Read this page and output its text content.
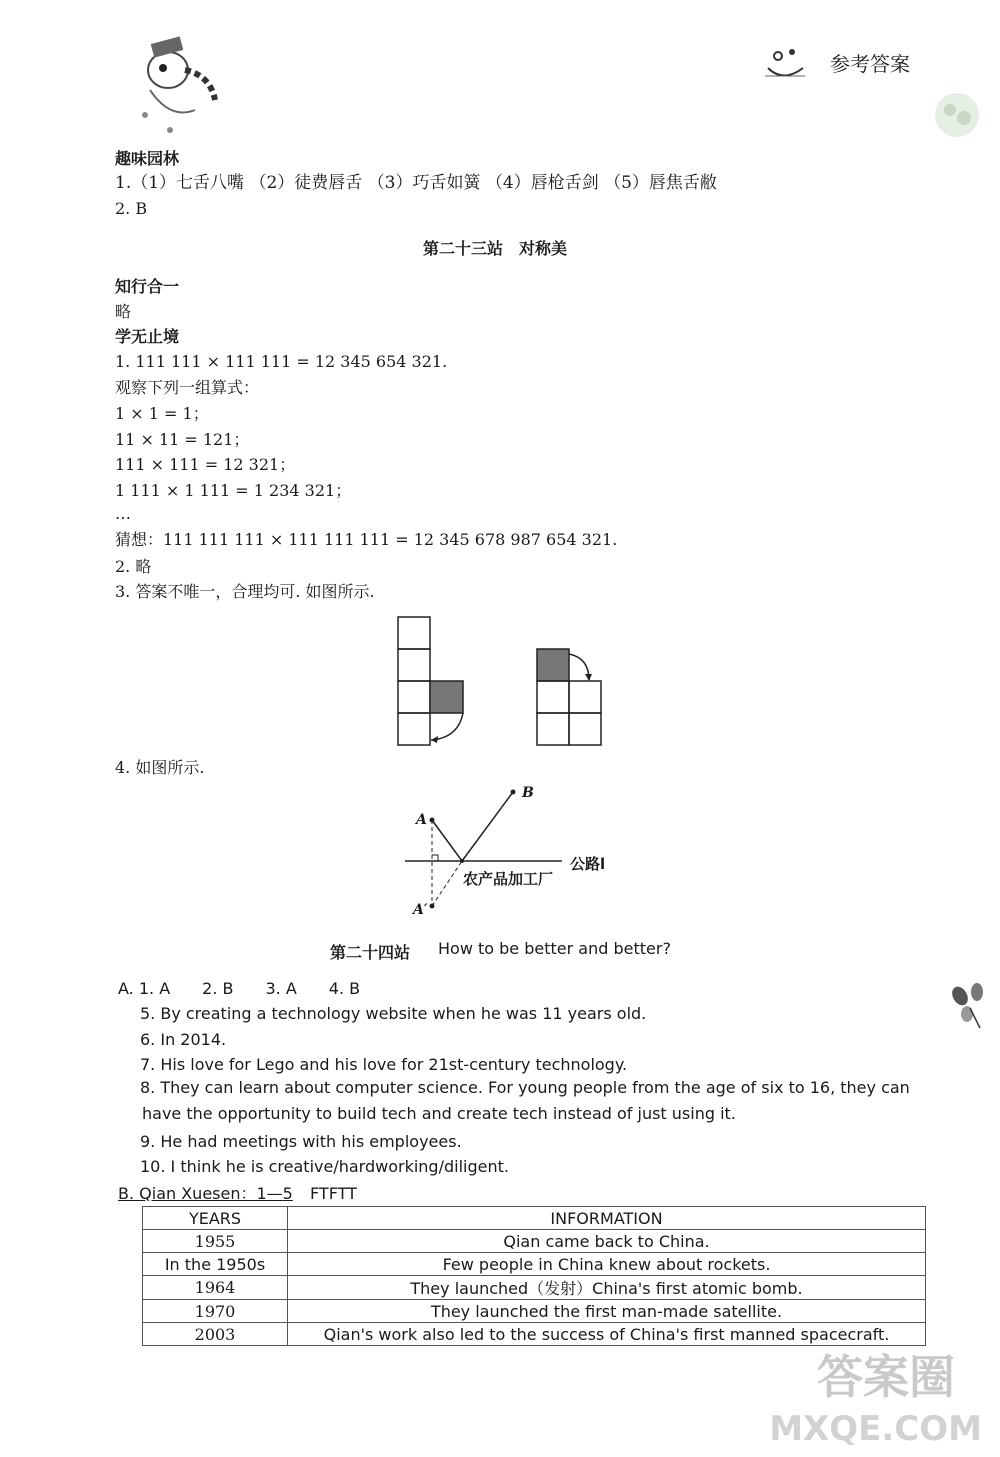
参考答案
趣味园林
1.（1）七舌八嘴 （2）徒费唇舌 （3）巧舌如簧 （4）唇枪舌剑 （5）唇焦舌敝
2. B
第二十三站　对称美
知行合一
略
学无止境
1. 111 111 × 111 111 = 12 345 654 321.
观察下列一组算式：
1 × 1 = 1；
11 × 11 = 121；
111 × 111 = 12 321；
1 111 × 1 111 = 1 234 321；
…
猜想：111 111 111 × 111 111 111 = 12 345 678 987 654 321.
2. 略
3. 答案不唯一，合理均可. 如图所示.
4. 如图所示.
A
B
A′
公路l
农产品加工厂
第二十四站 How to be better and better?
A. 1. A　　2. B　　3. A　　4. B
5. By creating a technology website when he was 11 years old.
6. In 2014.
7. His love for Lego and his love for 21st-century technology.
8. They can learn about computer science. For young people from the age of six to 16, they can
have the opportunity to build tech and create tech instead of just using it.
9. He had meetings with his employees.
10. I think he is creative/hardworking/diligent.
B. Qian Xuesen：1—5 FTFTT
YEARS	INFORMATION
1955	Qian came back to China.
In the 1950s	Few people in China knew about rockets.
1964	They launched（发射）China's first atomic bomb.
1970	They launched the first man-made satellite.
2003	Qian's work also led to the success of China's first manned spacecraft.
答案圈
MXQE.COM
